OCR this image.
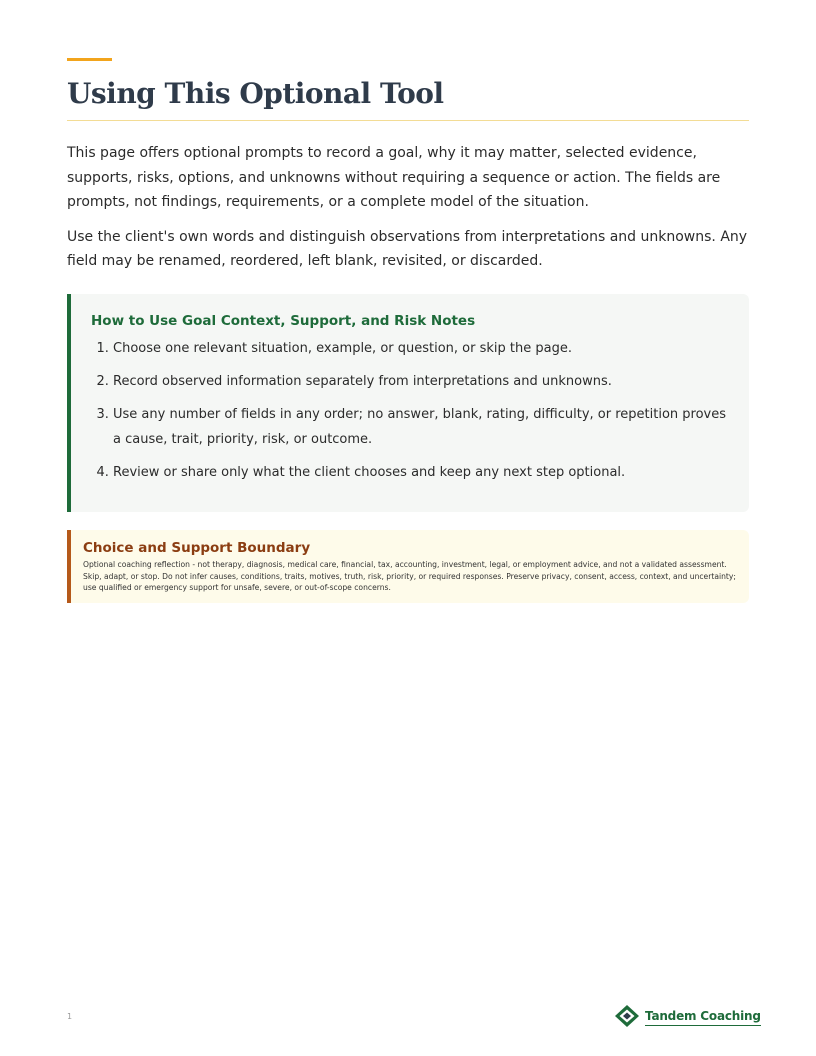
Using This Optional Tool

This page offers optional prompts to record a goal, why it may matter, selected evidence, supports, risks, options, and unknowns without requiring a sequence or action. The fields are prompts, not findings, requirements, or a complete model of the situation.

Use the client's own words and distinguish observations from interpretations and unknowns. Any field may be renamed, reordered, left blank, revisited, or discarded.

How to Use Goal Context, Support, and Risk Notes
1. Choose one relevant situation, example, or question, or skip the page.
2. Record observed information separately from interpretations and unknowns.
3. Use any number of fields in any order; no answer, blank, rating, difficulty, or repetition proves a cause, trait, priority, risk, or outcome.
4. Review or share only what the client chooses and keep any next step optional.
Choice and Support Boundary

Optional coaching reflection - not therapy, diagnosis, medical care, financial, tax, accounting, investment, legal, or employment advice, and not a validated assessment. Skip, adapt, or stop. Do not infer causes, conditions, traits, motives, truth, risk, priority, or required responses. Preserve privacy, consent, access, context, and uncertainty; use qualified or emergency support for unsafe, severe, or out-of-scope concerns.

1	Tandem Coaching
